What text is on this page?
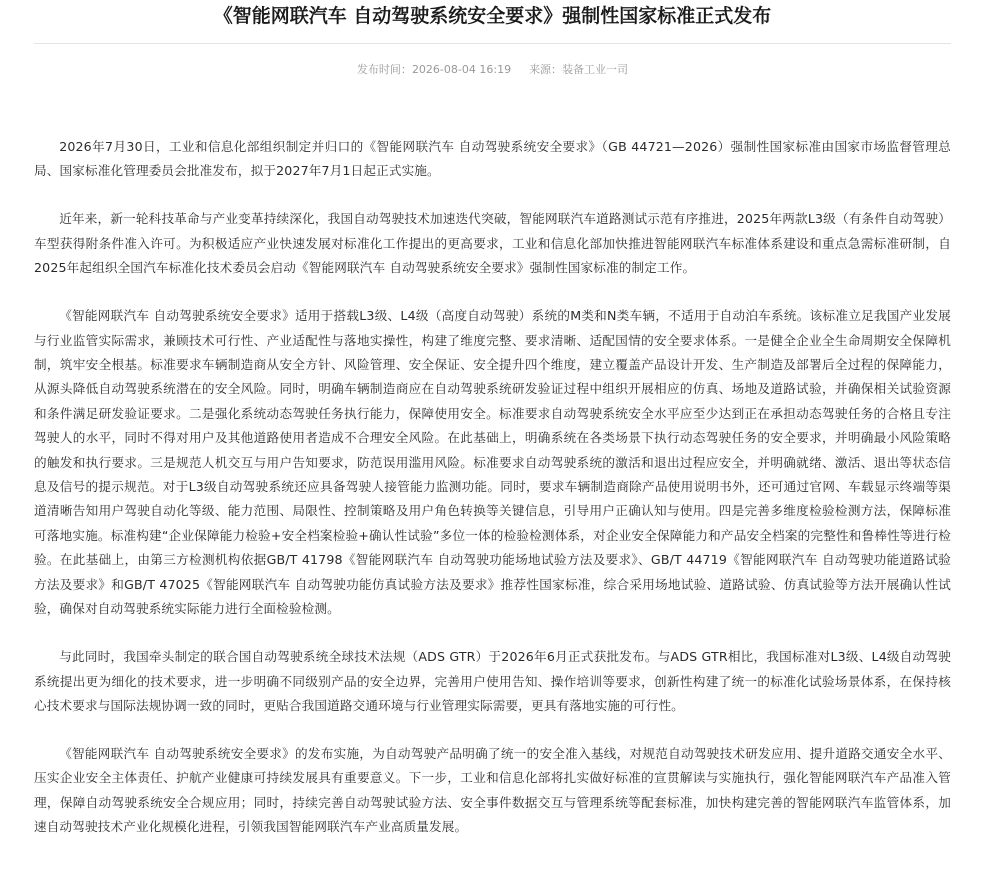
《智能网联汽车 自动驾驶系统安全要求》强制性国家标准正式发布
发布时间：2026-08-04 16:19 来源：装备工业一司

2026年7月30日，工业和信息化部组织制定并归口的《智能网联汽车 自动驾驶系统安全要求》（GB 44721—2026）强制性国家标准由国家市场监督管理总局、国家标准化管理委员会批准发布，拟于2027年7月1日起正式实施。

近年来，新一轮科技革命与产业变革持续深化，我国自动驾驶技术加速迭代突破，智能网联汽车道路测试示范有序推进，2025年两款L3级（有条件自动驾驶）车型获得附条件准入许可。为积极适应产业快速发展对标准化工作提出的更高要求，工业和信息化部加快推进智能网联汽车标准体系建设和重点急需标准研制，自2025年起组织全国汽车标准化技术委员会启动《智能网联汽车 自动驾驶系统安全要求》强制性国家标准的制定工作。

《智能网联汽车 自动驾驶系统安全要求》适用于搭载L3级、L4级（高度自动驾驶）系统的M类和N类车辆，不适用于自动泊车系统。该标准立足我国产业发展与行业监管实际需求，兼顾技术可行性、产业适配性与落地实操性，构建了维度完整、要求清晰、适配国情的安全要求体系。一是健全企业全生命周期安全保障机制，筑牢安全根基。标准要求车辆制造商从安全方针、风险管理、安全保证、安全提升四个维度，建立覆盖产品设计开发、生产制造及部署后全过程的保障能力，从源头降低自动驾驶系统潜在的安全风险。同时，明确车辆制造商应在自动驾驶系统研发验证过程中组织开展相应的仿真、场地及道路试验，并确保相关试验资源和条件满足研发验证要求。二是强化系统动态驾驶任务执行能力，保障使用安全。标准要求自动驾驶系统安全水平应至少达到正在承担动态驾驶任务的合格且专注驾驶人的水平，同时不得对用户及其他道路使用者造成不合理安全风险。在此基础上，明确系统在各类场景下执行动态驾驶任务的安全要求，并明确最小风险策略的触发和执行要求。三是规范人机交互与用户告知要求，防范误用滥用风险。标准要求自动驾驶系统的激活和退出过程应安全，并明确就绪、激活、退出等状态信息及信号的提示规范。对于L3级自动驾驶系统还应具备驾驶人接管能力监测功能。同时，要求车辆制造商除产品使用说明书外，还可通过官网、车载显示终端等渠道清晰告知用户驾驶自动化等级、能力范围、局限性、控制策略及用户角色转换等关键信息，引导用户正确认知与使用。四是完善多维度检验检测方法，保障标准可落地实施。标准构建“企业保障能力检验+安全档案检验+确认性试验”多位一体的检验检测体系，对企业安全保障能力和产品安全档案的完整性和鲁棒性等进行检验。在此基础上，由第三方检测机构依据GB/T 41798《智能网联汽车 自动驾驶功能场地试验方法及要求》、GB/T 44719《智能网联汽车 自动驾驶功能道路试验方法及要求》和GB/T 47025《智能网联汽车 自动驾驶功能仿真试验方法及要求》推荐性国家标准，综合采用场地试验、道路试验、仿真试验等方法开展确认性试验，确保对自动驾驶系统实际能力进行全面检验检测。

与此同时，我国牵头制定的联合国自动驾驶系统全球技术法规（ADS GTR）于2026年6月正式获批发布。与ADS GTR相比，我国标准对L3级、L4级自动驾驶系统提出更为细化的技术要求，进一步明确不同级别产品的安全边界，完善用户使用告知、操作培训等要求，创新性构建了统一的标准化试验场景体系，在保持核心技术要求与国际法规协调一致的同时，更贴合我国道路交通环境与行业管理实际需要，更具有落地实施的可行性。

《智能网联汽车 自动驾驶系统安全要求》的发布实施，为自动驾驶产品明确了统一的安全准入基线，对规范自动驾驶技术研发应用、提升道路交通安全水平、压实企业安全主体责任、护航产业健康可持续发展具有重要意义。下一步，工业和信息化部将扎实做好标准的宣贯解读与实施执行，强化智能网联汽车产品准入管理，保障自动驾驶系统安全合规应用；同时，持续完善自动驾驶试验方法、安全事件数据交互与管理系统等配套标准，加快构建完善的智能网联汽车监管体系，加速自动驾驶技术产业化规模化进程，引领我国智能网联汽车产业高质量发展。
